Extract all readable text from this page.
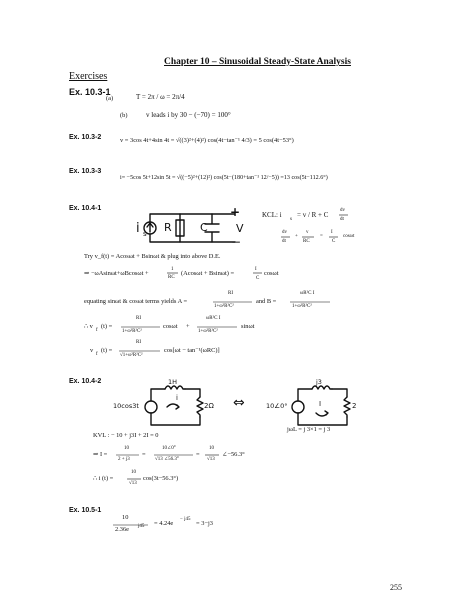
Chapter 10 – Sinusoidal Steady-State Analysis
Exercises
Ex. 10.3-1
(a)	T = 2π / ω = 2π/4
(b)	v leads i by 30 − (−70) = 100°
Ex. 10.3-2	v = 3cos 4t+4sin 4t = √((3)²+(4)²) cos(4t−tan⁻¹ 4/3) = 5 cos(4t−53°)
Ex. 10.3-3
i= −5cos 5t+12sin 5t = √((−5)²+(12)²) cos(5t−(180+tan⁻¹ 12/−5)) =13 cos(5t−112.6°)
Ex. 10.4-1
i s R	C
+
V
−
KCL: i
s
= v / R + C
dv
dt
dv
dt
+
v
RC
=
I
C
cosωt
Try v_f(t) = Acosωt + Bsinωt & plug into above D.E.
⇒ −ωAsinωt+ωBcosωt +
1
RC
(Acosωt + Bsinωt) =
I
C
cosωt
equating sinωt & cosωt terms yields A =
RI
1+ω²R²C²
and B =
ωR²C I
1+ω²R²C²
∴ v
f
(t) =
RI
1+ω²R²C²
cosωt +
ωR²C I
1+ω²R²C²
sinωt
v
f
(t) =
RI
√1+ω²R²C²
cos[ωt − tan⁻¹(ωRC)]
Ex. 10.4-2
10cos3t
1H
2Ω
i	⇔	10∠0°
j3
2
I
jωL = j 3×1 = j 3
KVL : − 10 + j3I + 2I = 0
⇒ I =
10
2 + j3
=
10∠0°
√13 ∠56.3°
=
10
√13
∠−56.3°
∴ i (t) =
10
√13
cos(3t−56.3°)
Ex. 10.5-1
10
2.36e j45 = 4.24e
− j45
= 3−j3
255
